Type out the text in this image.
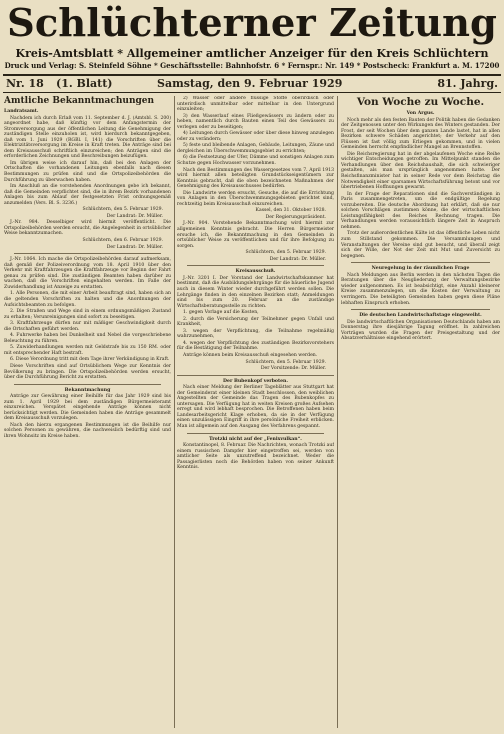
Schlüchterner Zeitung
Kreis-Amtsblatt * Allgemeiner amtlicher Anzeiger für den Kreis Schlüchtern
Druck und Verlag: S. Steinfeld Söhne * Geschäftsstelle: Bahnhofstr. 6 * Fernspr.: Nr. 149 * Postscheck: Frankfurt a. M. 17200
Nr. 18 (1. Blatt)	Samstag, den 9. Februar 1929	81. Jahrg.
Amtliche Bekanntmachungen

Landratsamt.

Nachdem ich durch Erlaß vom 11. September d. J. (Amtsbl. S. 200) angeordnet habe, daß künftig vor dem Anfangstermin der Stromversorgung aus der öffentlichen Leitung die Genehmigung der zuständigen Stelle einzuholen ist, wird hierdurch bekanntgegeben, daß vom 1. Juni 1929 (RGBl. I, 141) die Vorschriften über die Elektrizitätsversorgung im Kreise in Kraft treten. Die Anträge sind bei dem Kreisausschuß schriftlich einzureichen; den Anträgen sind die erforderlichen Zeichnungen und Beschreibungen beizufügen.

Im übrigen weise ich darauf hin, daß bei den Anlagen der Ortschaften die vorhandenen Leitungen ebenfalls nach diesen Bestimmungen zu prüfen sind und die Ortspolizeibehörden die Durchführung zu überwachen haben.

Im Anschluß an die vorstehenden Anordnungen gebe ich bekannt, daß die Gemeinden verpflichtet sind, die in ihrem Bezirk vorhandenen Anlagen bis zum Ablauf der festgesetzten Frist ordnungsgemäß anzumelden (Vers. Bl. S. 3236.)

Schlüchtern, den 5. Februar 1929.

Der Landrat: Dr. Müller.

J.-Nr. 984. Desselbiger wird hiermit veröffentlicht. Die Ortspolizeibehörden werden ersucht, die Angelegenheit in ortsüblicher Weise bekanntzumachen.

Schlüchtern, den 6. Februar 1929.

Der Landrat: Dr. Müller.

J.-Nr. 1064. Ich mache die Ortspolizeibehörden darauf aufmerksam, daß gemäß der Polizeiverordnung vom 18. April 1910 über den Verkehr mit Kraftfahrzeugen die Kraftfahrzeuge vor Beginn der Fahrt genau zu prüfen sind. Die zuständigen Beamten haben darüber zu wachen, daß die Vorschriften eingehalten werden. Im Falle der Zuwiderhandlung ist Anzeige zu erstatten.

1. Alle Personen, die mit einer Arbeit beauftragt sind, haben sich an die geltenden Vorschriften zu halten und die Anordnungen der Aufsichtsbeamten zu befolgen.

2. Die Straßen und Wege sind in einem ordnungsmäßigen Zustand zu erhalten; Verunreinigungen sind sofort zu beseitigen.

3. Kraftfahrzeuge dürfen nur mit mäßiger Geschwindigkeit durch die Ortschaften geführt werden.

4. Fuhrwerke haben bei Dunkelheit und Nebel die vorgeschriebene Beleuchtung zu führen.

5. Zuwiderhandlungen werden mit Geldstrafe bis zu 150 RM. oder mit entsprechender Haft bestraft.

6. Diese Verordnung tritt mit dem Tage ihrer Verkündigung in Kraft.

Diese Vorschriften sind auf Ortsüblichem Wege zur Kenntnis der Bevölkerung zu bringen. Die Ortspolizeibehörden werden ersucht, über die Durchführung Bericht zu erstatten.

Bekanntmachung

Anträge zur Gewährung einer Beihilfe für das Jahr 1929 sind bis zum 1. April 1929 bei dem zuständigen Bürgermeisteramt einzureichen. Verspätet eingehende Anträge können nicht berücksichtigt werden. Die Gemeinden haben die Anträge gesammelt dem Kreisausschuß vorzulegen.

Nach den hierzu ergangenen Bestimmungen ist die Beihilfe nur solchen Personen zu gewähren, die nachweislich bedürftig sind und ihren Wohnsitz im Kreise haben.

2) Wasser oder andere flüssige Stoffe oberirdisch oder unterirdisch unmittelbar oder mittelbar in den Untergrund einzuleiten;

3) den Wasserlauf eines Fließgewässers zu ändern oder zu heben, namentlich durch Bauten einen Teil des Gewässers zu verlegen oder zu beseitigen;

4) Leitungen durch Gewässer oder über diese hinweg anzulegen oder zu verändern;

5) feste und bleibende Anlagen, Gebäude, Leitungen, Zäune und dergleichen im Überschwemmungsgebiet zu errichten;

6) die Festsetzung der Ufer, Dämme und sonstigen Anlagen zum Schutze gegen Hochwasser vorzunehmen.

Nach den Bestimmungen des Wassergesetzes vom 7. April 1913 wird hiermit allen beteiligten Grundstückseigentümern zur Kenntnis gebracht, daß die oben bezeichneten Maßnahmen der Genehmigung des Kreisausschusses bedürfen.

Die Landwirte werden ersucht, Gesuche, die auf die Errichtung von Anlagen in den Überschwemmungsgebieten gerichtet sind, rechtzeitig beim Kreisausschuß einzureichen.

Kassel, den 31. Oktober 1928.

Der Regierungspräsident.

J.-Nr. 904. Vorstehende Bekanntmachung wird hiermit zur allgemeinen Kenntnis gebracht. Die Herren Bürgermeister ersuche ich, die Bekanntmachung in den Gemeinden in ortsüblicher Weise zu veröffentlichen und für ihre Befolgung zu sorgen.

Schlüchtern, den 5. Februar 1929.

Der Landrat: Dr. Müller.

Kreisausschuß.

J.-Nr. 3201 I. Der Vorstand der Landwirtschaftskammer hat bestimmt, daß die Ausbildungslehrgänge für die bäuerliche Jugend auch in diesem Winter wieder durchgeführt werden sollen. Die Lehrgänge finden in den einzelnen Bezirken statt; Anmeldungen sind bis zum 20. Februar an die zuständige Wirtschaftsberatungsstelle zu richten.

1. gegen Vorlage auf die Kosten,

2. durch die Versicherung der Teilnehmer gegen Unfall und Krankheit,

3. wegen der Verpflichtung, die Teilnahme regelmäßig wahrzunehmen,

4. wegen der Verpflichtung des zuständigen Bezirksvorstehers für die Bestätigung der Teilnahme.

Anträge können beim Kreisausschuß eingesehen werden.

Schlüchtern, den 5. Februar 1929.

Der Vorsitzende: Dr. Müller.

Der Bubenkopf verboten.

Nach einer Meldung der Berliner Tageblätter aus Stuttgart hat der Gemeinderat einer kleinen Stadt beschlossen, den weiblichen Angestellten der Gemeinde das Tragen des Bubenkopfes zu untersagen. Die Verfügung hat in weiten Kreisen großes Aufsehen erregt und wird lebhaft besprochen. Die Betroffenen haben beim Landesarbeitsgericht Klage erhoben, da sie in der Verfügung einen unzulässigen Eingriff in ihre persönliche Freiheit erblicken. Man ist allgemein auf den Ausgang des Verfahrens gespannt.

Trotzki nicht auf der „Fenixvulkan“.

Konstantinopel, 8. Februar. Die Nachrichten, wonach Trotzki auf einem russischen Dampfer hier eingetroffen sei, werden von amtlicher Seite als unzutreffend bezeichnet. Weder die Passagierlisten noch die Behörden haben von seiner Ankunft Kenntnis.

Von Woche zu Woche.

Von Argus.

Noch mehr als den festen Bauten der Politik haben die Gedanken der Zeitgenossen unter den Wirkungen des Winters gestanden. Der Frost, der seit Wochen über dem ganzen Lande lastet, hat in allen Bezirken schwere Schäden angerichtet; der Verkehr auf den Flüssen ist fast völlig zum Erliegen gekommen, und in vielen Gemeinden herrscht empfindlicher Mangel an Brennstoffen.

Die Reichsregierung hat in der abgelaufenen Woche eine Reihe wichtiger Entscheidungen getroffen. Im Mittelpunkt standen die Verhandlungen über den Reichshaushalt, die sich schwieriger gestalten, als man ursprünglich angenommen hatte. Der Reichsfinanzminister hat in seiner Rede vor dem Reichstag die Notwendigkeit einer sparsamen Wirtschaftsführung betont und vor übertriebenen Hoffnungen gewarnt.

In der Frage der Reparationen sind die Sachverständigen in Paris zusammengetreten, um die endgültige Regelung vorzubereiten. Die deutsche Abordnung hat erklärt, daß sie nur solchen Vorschlägen zustimmen könne, die der wirtschaftlichen Leistungsfähigkeit des Reiches Rechnung tragen. Die Verhandlungen werden voraussichtlich längere Zeit in Anspruch nehmen.

Trotz der außerordentlichen Kälte ist das öffentliche Leben nicht zum Stillstand gekommen. Die Versammlungen und Veranstaltungen der Vereine sind gut besucht, und überall zeigt sich der Wille, der Not der Zeit mit Mut und Zuversicht zu begegnen.

Neuregelung in der räumlichen Frage

Nach Meldungen aus Berlin werden in den nächsten Tagen die Beratungen über die Neugliederung der Verwaltungsbezirke wieder aufgenommen. Es ist beabsichtigt, eine Anzahl kleinerer Kreise zusammenzulegen, um die Kosten der Verwaltung zu verringern. Die beteiligten Gemeinden haben gegen diese Pläne lebhaften Einspruch erhoben.

Die deutschen Landwirtschaftstage eingeweiht.

Die landwirtschaftlichen Organisationen Deutschlands haben am Donnerstag ihre diesjährige Tagung eröffnet. In zahlreichen Vorträgen wurden die Fragen der Preisgestaltung und der Absatzverhältnisse eingehend erörtert.
